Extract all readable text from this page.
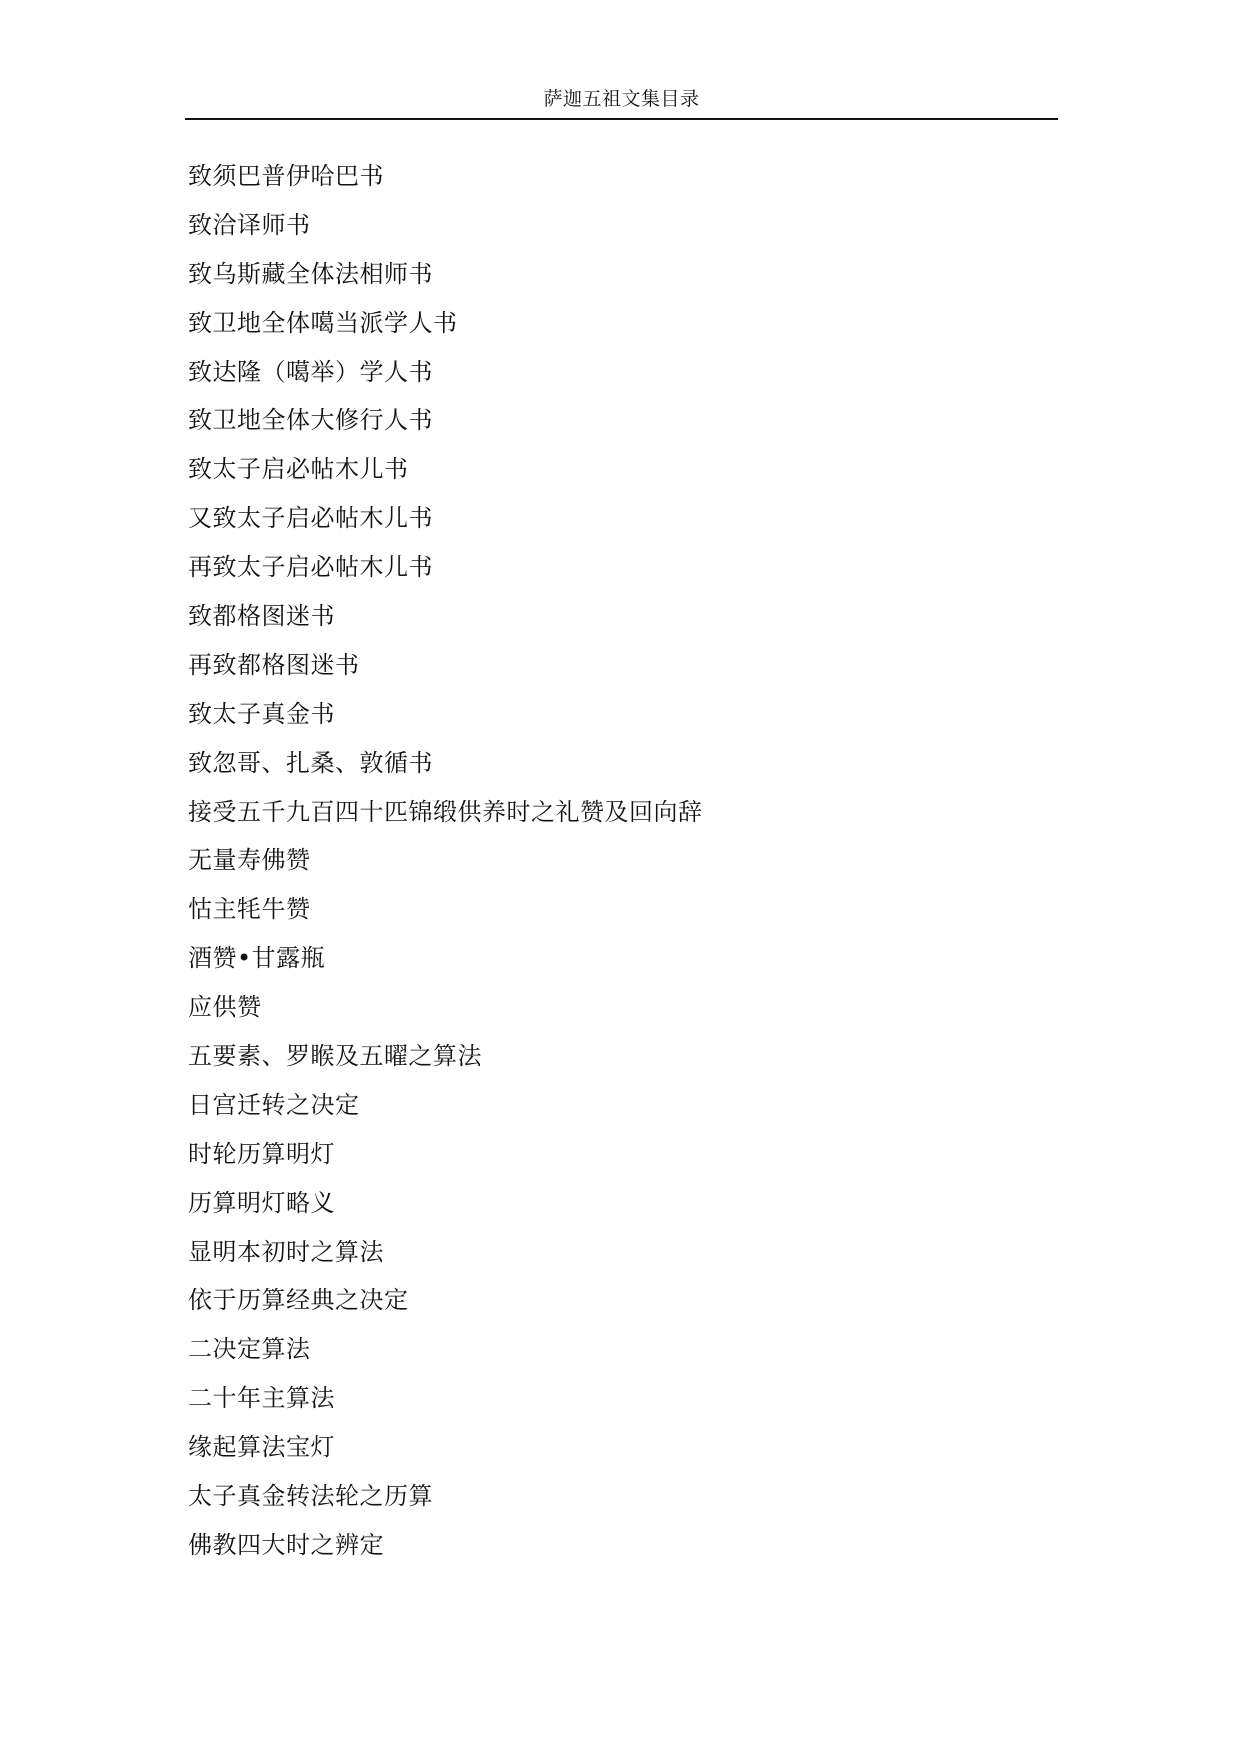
萨迦五祖文集目录
致须巴普伊哈巴书
致洽译师书
致乌斯藏全体法相师书
致卫地全体噶当派学人书
致达隆（噶举）学人书
致卫地全体大修行人书
致太子启必帖木儿书
又致太子启必帖木儿书
再致太子启必帖木儿书
致都格图迷书
再致都格图迷书
致太子真金书
致忽哥、扎桑、敦循书
接受五千九百四十匹锦缎供养时之礼赞及回向辞
无量寿佛赞
怙主牦牛赞
酒赞•甘露瓶
应供赞
五要素、罗睺及五曜之算法
日宫迁转之决定
时轮历算明灯
历算明灯略义
显明本初时之算法
依于历算经典之决定
二决定算法
二十年主算法
缘起算法宝灯
太子真金转法轮之历算
佛教四大时之辨定
